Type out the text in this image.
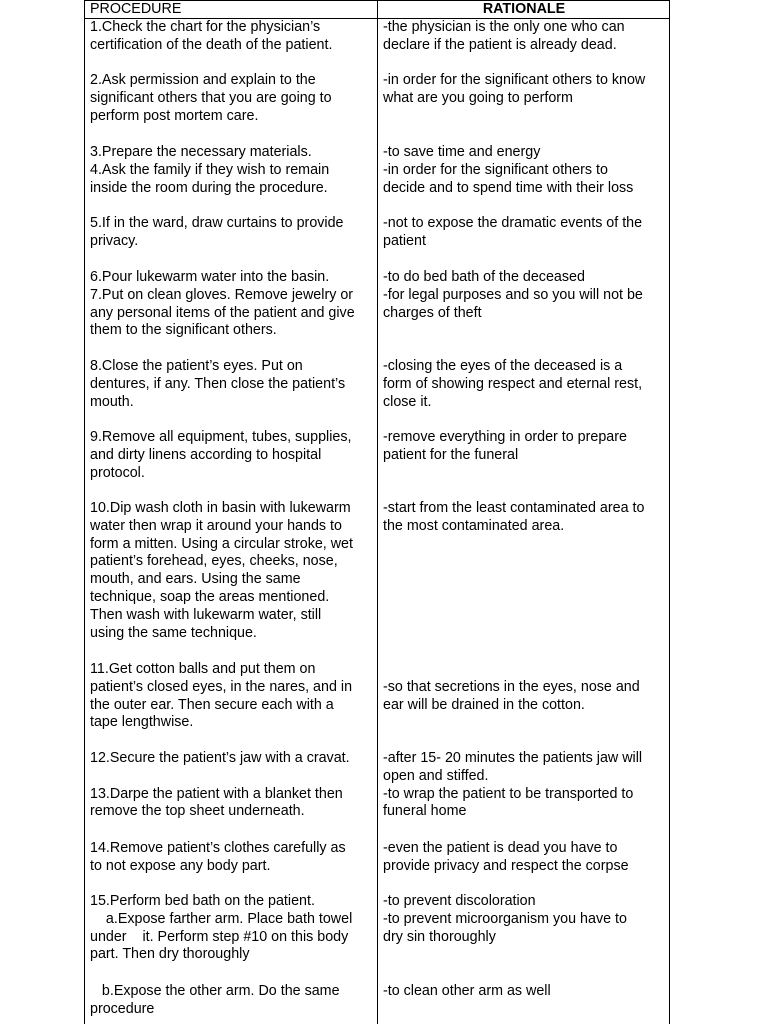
PROCEDURE	RATIONALE
1.Check the chart for the physician’s
certification of the death of the patient.
-the physician is the only one who can
declare if the patient is already dead.
2.Ask permission and explain to the
significant others that you are going to
perform post mortem care.
-in order for the significant others to know
what are you going to perform
3.Prepare the necessary materials.
4.Ask the family if they wish to remain
inside the room during the procedure.
-to save time and energy
-in order for the significant others to
decide and to spend time with their loss
5.If in the ward, draw curtains to provide
privacy.
-not to expose the dramatic events of the
patient
6.Pour lukewarm water into the basin.
7.Put on clean gloves. Remove jewelry or
any personal items of the patient and give
them to the significant others.
-to do bed bath of the deceased
-for legal purposes and so you will not be
charges of theft
8.Close the patient’s eyes. Put on
dentures, if any. Then close the patient’s
mouth.
-closing the eyes of the deceased is a
form of showing respect and eternal rest,
close it.
9.Remove all equipment, tubes, supplies,
and dirty linens according to hospital
protocol.
-remove everything in order to prepare
patient for the funeral
10.Dip wash cloth in basin with lukewarm
water then wrap it around your hands to
form a mitten. Using a circular stroke, wet
patient’s forehead, eyes, cheeks, nose,
mouth, and ears. Using the same
technique, soap the areas mentioned.
Then wash with lukewarm water, still
using the same technique.
-start from the least contaminated area to
the most contaminated area.
11.Get cotton balls and put them on
patient’s closed eyes, in the nares, and in
the outer ear. Then secure each with a
tape lengthwise.

-so that secretions in the eyes, nose and
ear will be drained in the cotton.
12.Secure the patient’s jaw with a cravat.

13.Darpe the patient with a blanket then
remove the top sheet underneath.
-after 15- 20 minutes the patients jaw will
open and stiffed.
-to wrap the patient to be transported to
funeral home
14.Remove patient’s clothes carefully as
to not expose any body part.
-even the patient is dead you have to
provide privacy and respect the corpse
15.Perform bed bath on the patient.
a.Expose farther arm. Place bath towel
under    it. Perform step #10 on this body
part. Then dry thoroughly
-to prevent discoloration
-to prevent microorganism you have to
dry sin thoroughly
b.Expose the other arm. Do the same
procedure
-to clean other arm as well
